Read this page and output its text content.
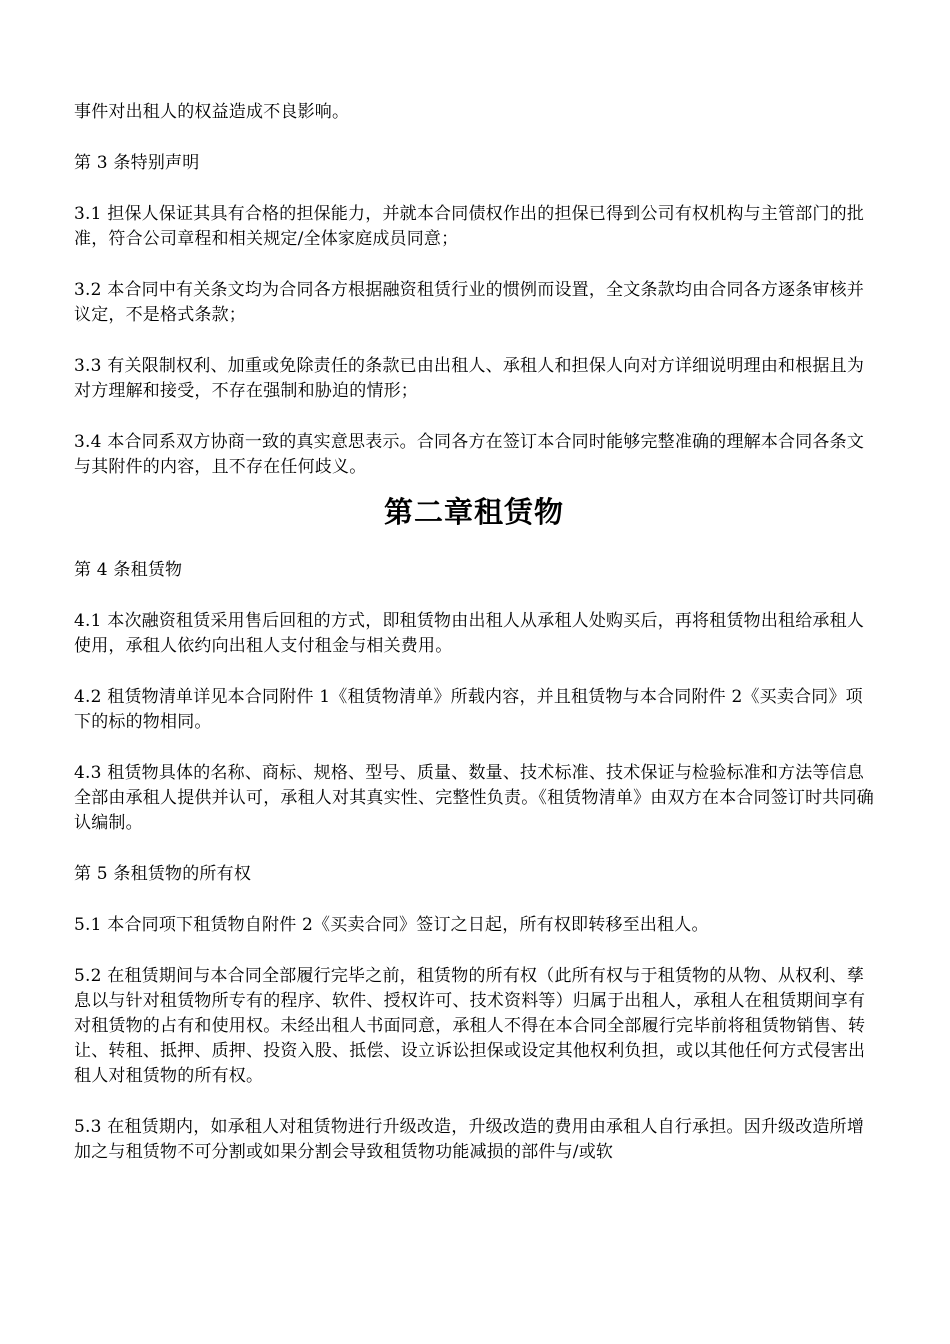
事件对出租人的权益造成不良影响。

第 3 条特别声明

3.1 担保人保证其具有合格的担保能力，并就本合同债权作出的担保已得到公司有权机构与主管部门的批准，符合公司章程和相关规定/全体家庭成员同意；

3.2 本合同中有关条文均为合同各方根据融资租赁行业的惯例而设置，全文条款均由合同各方逐条审核并议定，不是格式条款；

3.3 有关限制权利、加重或免除责任的条款已由出租人、承租人和担保人向对方详细说明理由和根据且为对方理解和接受，不存在强制和胁迫的情形；

3.4 本合同系双方协商一致的真实意思表示。合同各方在签订本合同时能够完整准确的理解本合同各条文与其附件的内容，且不存在任何歧义。

第二章租赁物

第 4 条租赁物

4.1 本次融资租赁采用售后回租的方式，即租赁物由出租人从承租人处购买后，再将租赁物出租给承租人使用，承租人依约向出租人支付租金与相关费用。

4.2 租赁物清单详见本合同附件 1《租赁物清单》所载内容，并且租赁物与本合同附件 2《买卖合同》项下的标的物相同。

4.3 租赁物具体的名称、商标、规格、型号、质量、数量、技术标准、技术保证与检验标准和方法等信息全部由承租人提供并认可，承租人对其真实性、完整性负责。《租赁物清单》由双方在本合同签订时共同确认编制。

第 5 条租赁物的所有权

5.1 本合同项下租赁物自附件 2《买卖合同》签订之日起，所有权即转移至出租人。

5.2 在租赁期间与本合同全部履行完毕之前，租赁物的所有权（此所有权与于租赁物的从物、从权利、孳息以与针对租赁物所专有的程序、软件、授权许可、技术资料等）归属于出租人，承租人在租赁期间享有对租赁物的占有和使用权。未经出租人书面同意，承租人不得在本合同全部履行完毕前将租赁物销售、转让、转租、抵押、质押、投资入股、抵偿、设立诉讼担保或设定其他权利负担，或以其他任何方式侵害出租人对租赁物的所有权。

5.3 在租赁期内，如承租人对租赁物进行升级改造，升级改造的费用由承租人自行承担。因升级改造所增加之与租赁物不可分割或如果分割会导致租赁物功能减损的部件与/或软
